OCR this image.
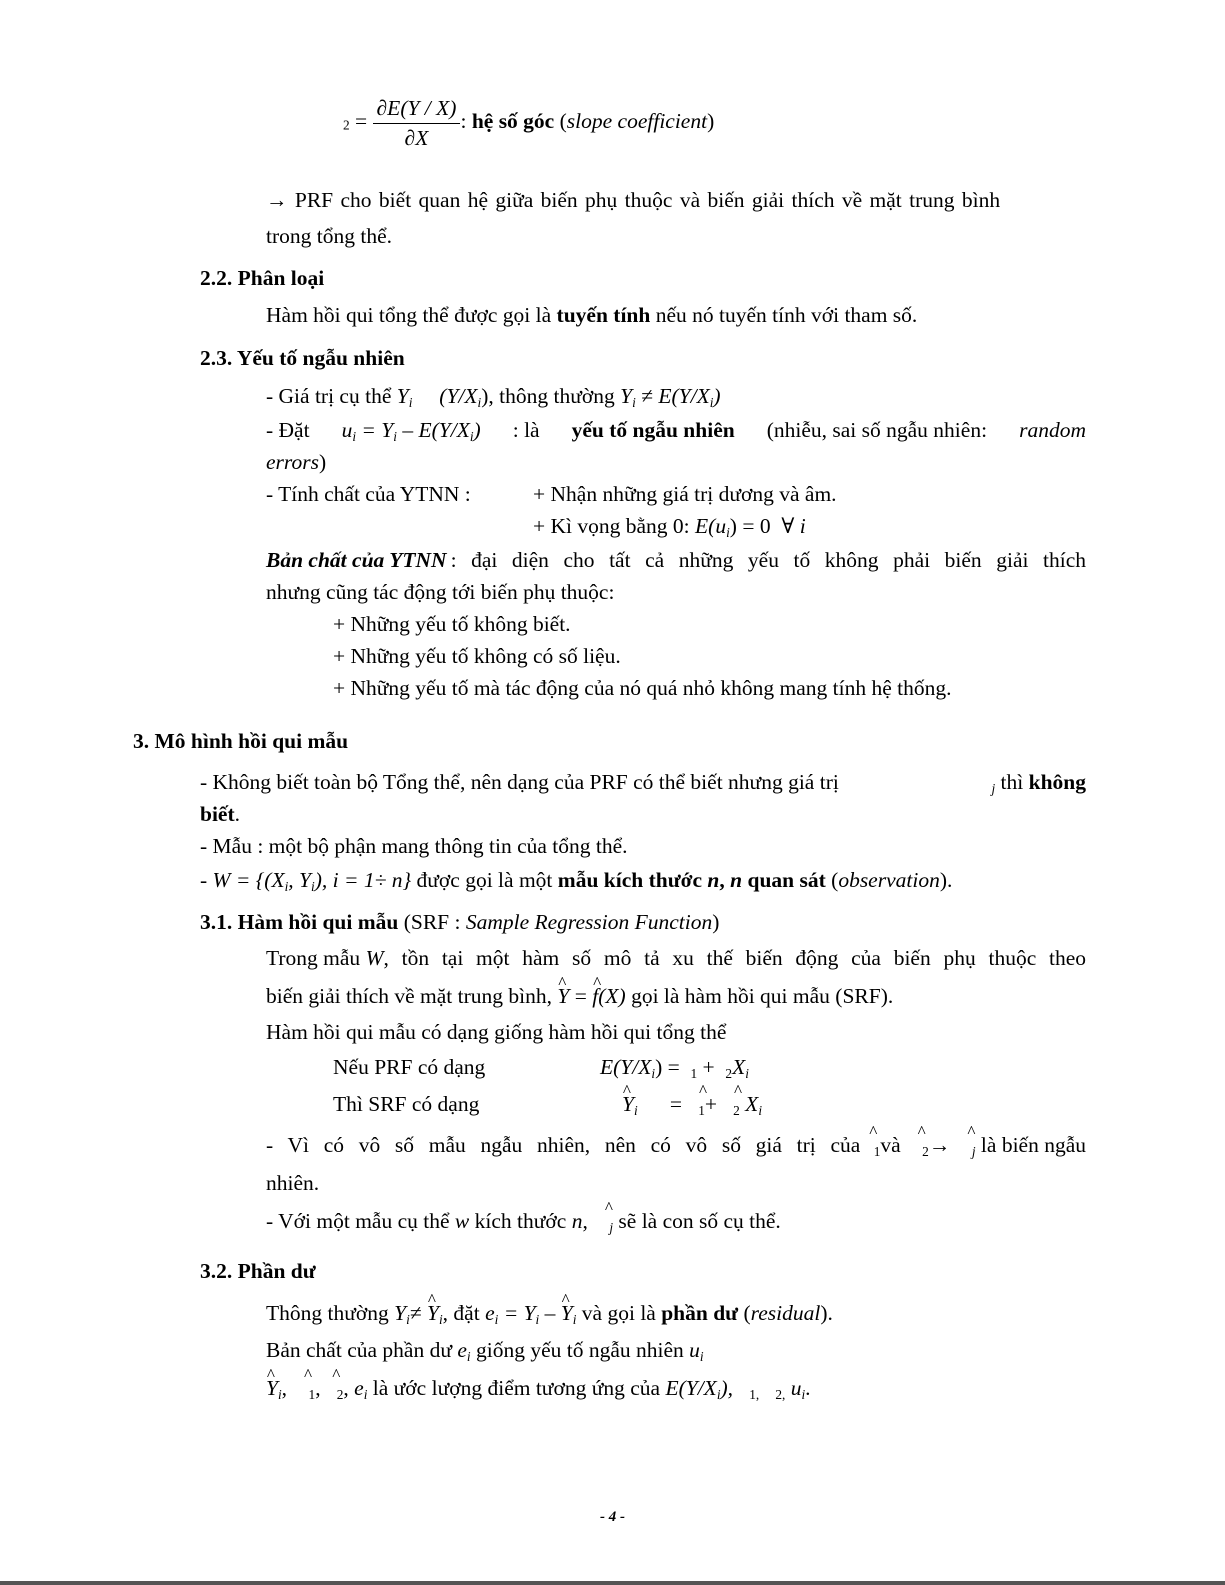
$2 = \frac{\partial E(Y / X)}{\partial X}$ : hệ số góc (slope coefficient)
→ PRF cho biết quan hệ giữa biến phụ thuộc và biến giải thích về mặt trung bình
trong tổng thể.
2.2. Phân loại
Hàm hồi qui tổng thể được gọi là tuyến tính nếu nó tuyến tính với tham số.
2.3. Yếu tố ngẫu nhiên
- Giá trị cụ thể $Y_i$ $(Y/X_i)$, thông thường $Y_i \ne E(Y/X_i)$
- Đặt $u_i = Y_i - E(Y/X_i)$ : là yếu tố ngẫu nhiên (nhiễu, sai số ngẫu nhiên: random
errors)
- Tính chất của YTNN :	+ Nhận những giá trị dương và âm.
+ Kì vọng bằng 0: $E(u_i) = 0$ ∀ i
Bản chất của YTNN : đại diện cho tất cả những yếu tố không phải biến giải thích
nhưng cũng tác động tới biến phụ thuộc:
+ Những yếu tố không biết.
+ Những yếu tố không có số liệu.
+ Những yếu tố mà tác động của nó quá nhỏ không mang tính hệ thống.
3. Mô hình hồi qui mẫu
- Không biết toàn bộ Tổng thể, nên dạng của PRF có thể biết nhưng giá trị	$_j$ thì không
biết.
- Mẫu : một bộ phận mang thông tin của tổng thể.
- $W = \{(X_i$, $Y_i$), i = 1÷ n} được gọi là một mẫu kích thước n, n quan sát (observation).
3.1. Hàm hồi qui mẫu (SRF : Sample Regression Function)
Trong mẫu W , tồn tại một hàm số mô tả xu thế biến động của biến phụ thuộc theo
biến giải thích về mặt trung bình, ^ Y = ^ f(X) gọi là hàm hồi qui mẫu (SRF).
Hàm hồi qui mẫu có dạng giống hàm hồi qui tổng thể
Nếu PRF có dạng	$E(Y/X_i) = _1 + _2X_i$
Thì SRF có dạng	^ $Y_i$ = ^ $_1$+ ^ $_2$ $X_i$
- Vì có vô số mẫu ngẫu nhiên, nên có vô số giá trị của	^ $_1$và ^ $_2$→ ^ $_j$ là biến ngẫu
nhiên.
- Với một mẫu cụ thể w kích thước n, ^ $_j$ sẽ là con số cụ thể.
3.2. Phần dư
Thông thường $Y_i\ne$ ^ $Y_i$, đặt $e_i = Y_i$ – ^ $Y_i$ và gọi là phần dư (residual).
Bản chất của phần dư $e_i$ giống yếu tố ngẫu nhiên $u_i$
^ $Y_i$, ^ $_1$, ^ $_2$, $e_i$ là ước lượng điểm tương ứng của $E(Y/X_i)$, $_{1,}$ $_{2,}$ $u_i$.
- 4 -
